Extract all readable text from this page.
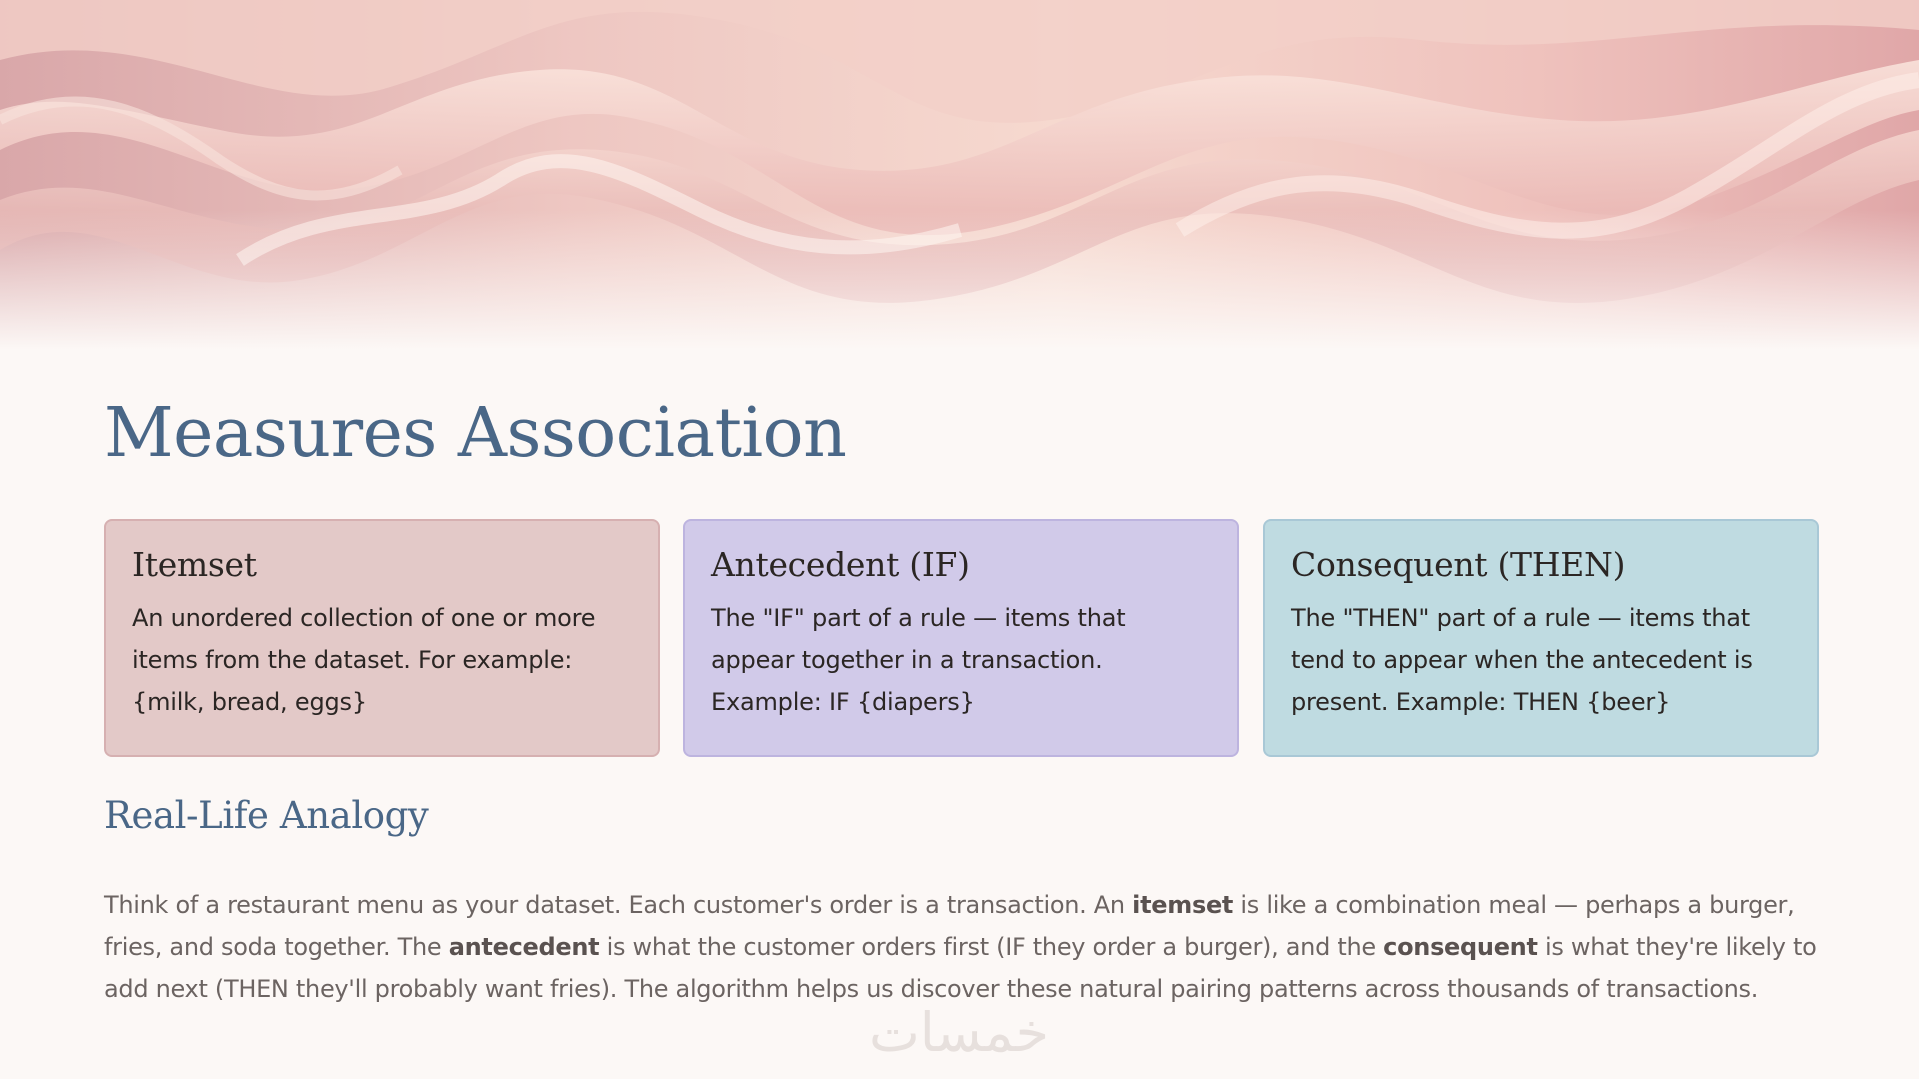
Measures Association
Itemset

An unordered collection of one or more items from the dataset. For example: {milk, bread, eggs}

Antecedent (IF)

The "IF" part of a rule — items that appear together in a transaction. Example: IF {diapers}

Consequent (THEN)

The "THEN" part of a rule — items that tend to appear when the antecedent is present. Example: THEN {beer}

Real-Life Analogy

Think of a restaurant menu as your dataset. Each customer's order is a transaction. An itemset is like a combination meal — perhaps a burger, fries, and soda together. The antecedent is what the customer orders first (IF they order a burger), and the consequent is what they're likely to add next (THEN they'll probably want fries). The algorithm helps us discover these natural pairing patterns across thousands of transactions.

خمسات
